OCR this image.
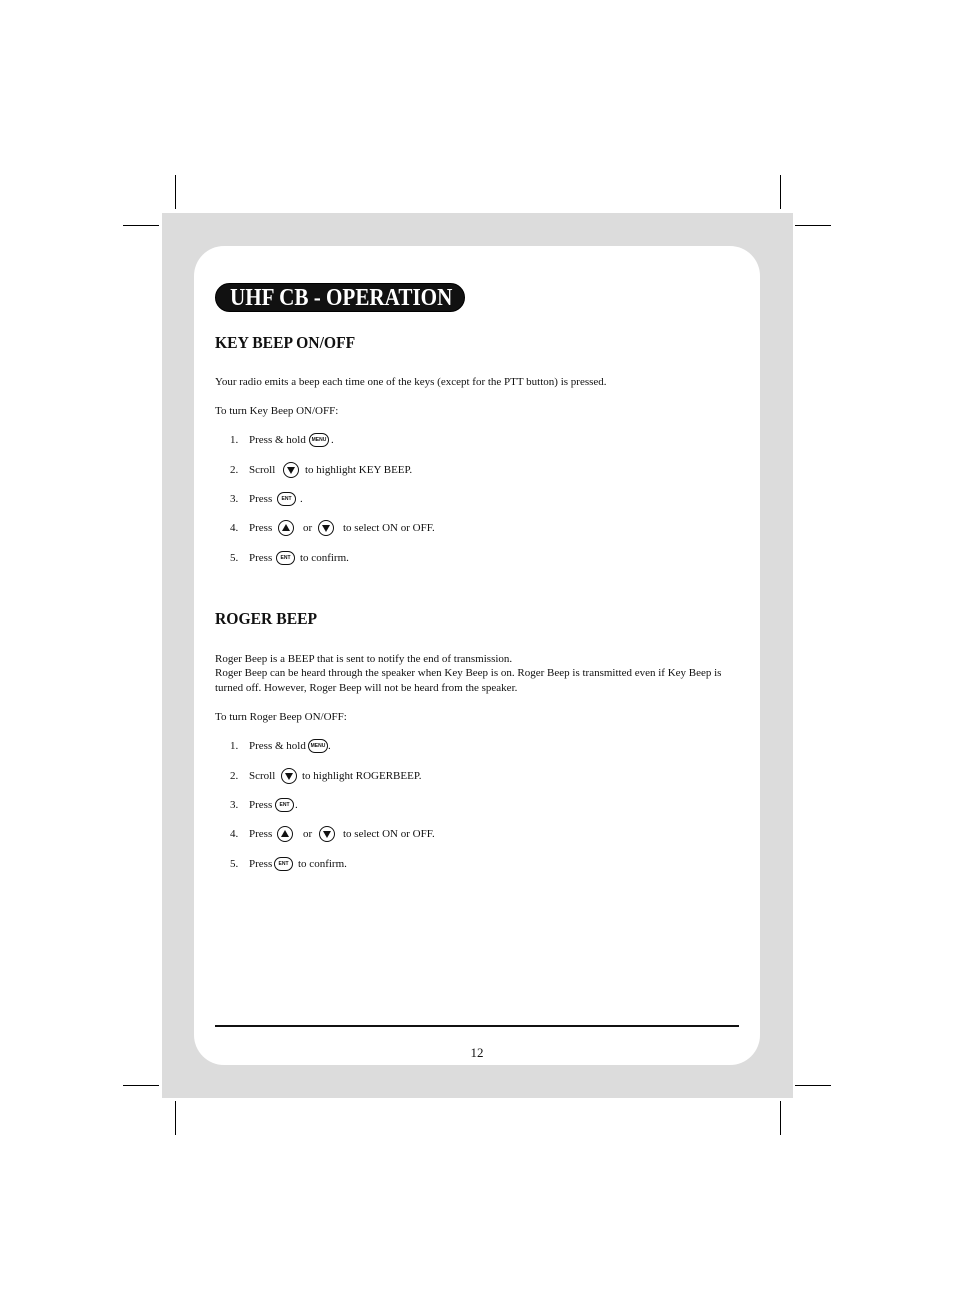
UHF CB - OPERATION
KEY BEEP ON/OFF
Your radio emits a beep each time one of the keys (except for the PTT button) is pressed.
To turn Key Beep ON/OFF:
1. Press & hold	MENU .
2. Scroll	to highlight KEY BEEP.
3. Press	ENT .
4. Press	or	to select ON or OFF.
5. Press	ENT to confirm.
ROGER BEEP
Roger Beep is a BEEP that is sent to notify the end of transmission.
Roger Beep can be heard through the speaker when Key Beep is on. Roger Beep is transmitted even if Key Beep is
turned off. However, Roger Beep will not be heard from the speaker.
To turn Roger Beep ON/OFF:
1. Press & hold MENU .
2. Scroll to highlight ROGERBEEP.
3. Press	ENT .
4. Press	or	to select ON or OFF.
5. Press	ENT to confirm.
12
